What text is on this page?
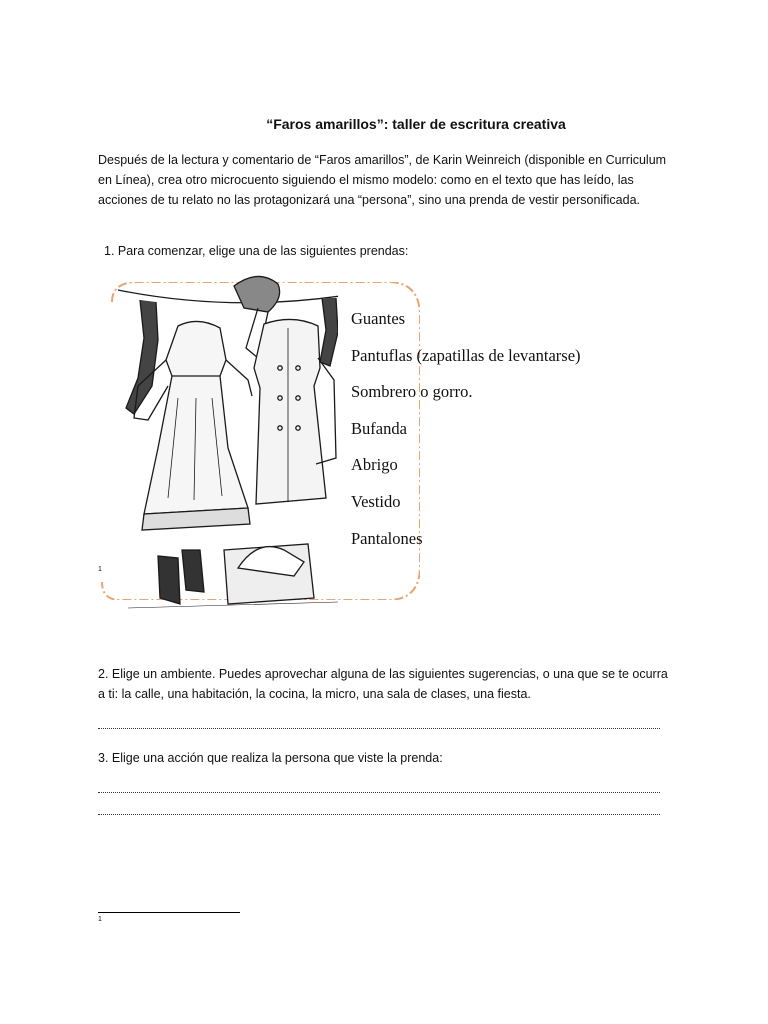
“Faros amarillos”: taller de escritura creativa
Después de la lectura y comentario de “Faros amarillos”, de Karin Weinreich (disponible en Curriculum en Línea), crea otro microcuento siguiendo el mismo modelo: como en el texto que has leído, las acciones de tu relato no las protagonizará una “persona”, sino una prenda de vestir personificada.
1. Para comenzar, elige una de las siguientes prendas:
Guantes
Pantuflas (zapatillas de levantarse)
Sombrero o gorro.
Bufanda
Abrigo
Vestido
Pantalones
1
2. Elige un ambiente. Puedes aprovechar alguna de las siguientes sugerencias, o una que se te ocurra a ti: la calle, una habitación, la cocina, la micro, una sala de clases, una fiesta.
3. Elige una acción que realiza la persona que viste la prenda:
1
